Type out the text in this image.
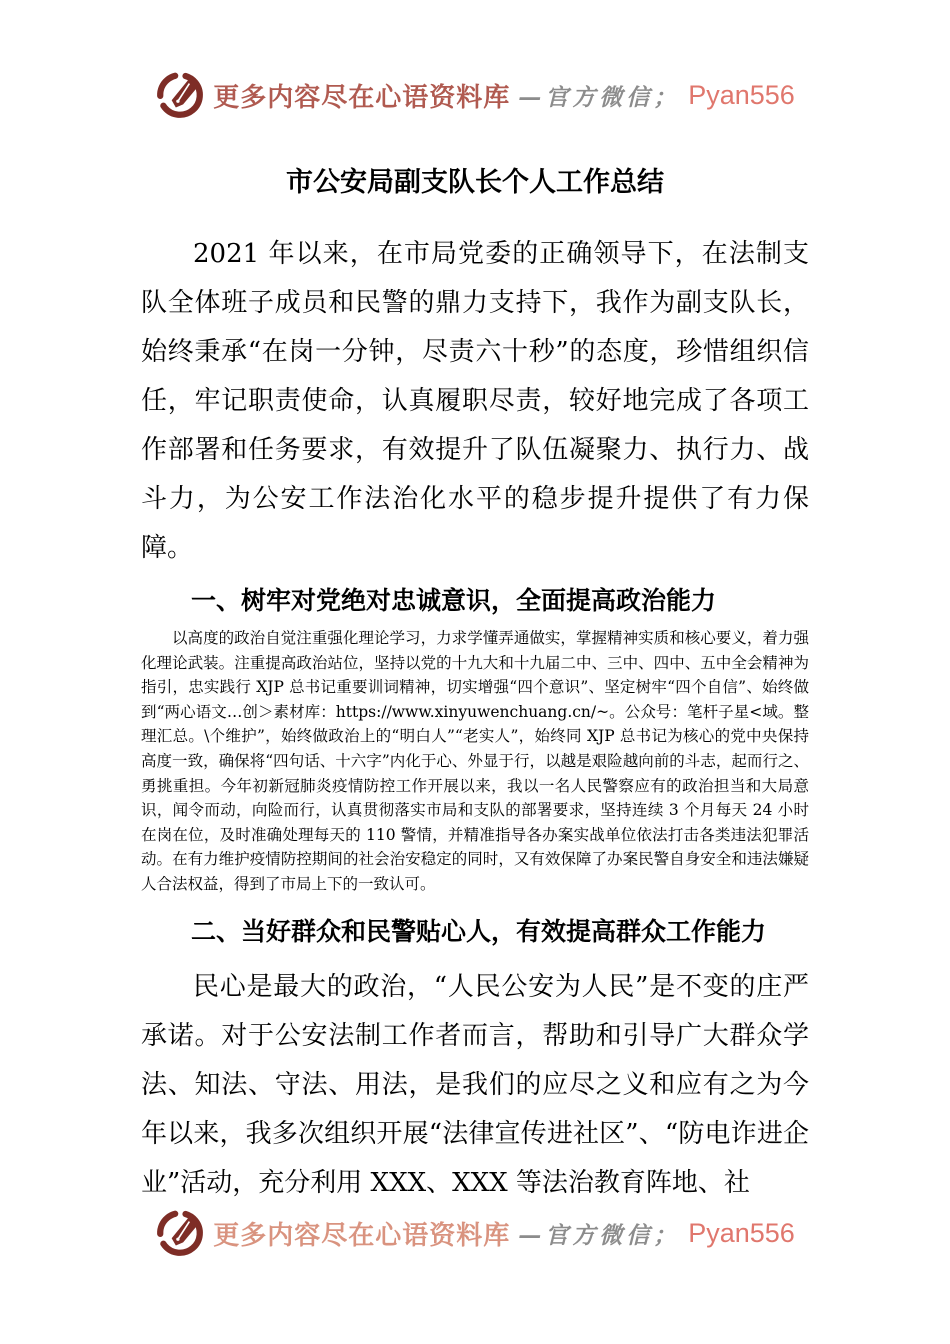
更多内容尽在心语资料库 —官方微信； Pyan556
市公安局副支队长个人工作总结

2021 年以来，在市局党委的正确领导下，在法制支队全体班子成员和民警的鼎力支持下，我作为副支队长，始终秉承“在岗一分钟，尽责六十秒”的态度，珍惜组织信任，牢记职责使命，认真履职尽责，较好地完成了各项工作部署和任务要求，有效提升了队伍凝聚力、执行力、战斗力，为公安工作法治化水平的稳步提升提供了有力保障。

一、树牢对党绝对忠诚意识，全面提高政治能力

以高度的政治自觉注重强化理论学习，力求学懂弄通做实，掌握精神实质和核心要义，着力强化理论武装。注重提高政治站位，坚持以党的十九大和十九届二中、三中、四中、五中全会精神为指引，忠实践行 XJP 总书记重要训词精神，切实增强“四个意识”、坚定树牢“四个自信”、始终做到“两心语文…创＞素材库：https://www.xinyuwenchuang.cn/~。公众号：笔杆子星<域。整理汇总。\个维护”，始终做政治上的“明白人”“老实人”，始终同 XJP 总书记为核心的党中央保持高度一致，确保将“四句话、十六字”内化于心、外显于行，以越是艰险越向前的斗志，起而行之、勇挑重担。今年初新冠肺炎疫情防控工作开展以来，我以一名人民警察应有的政治担当和大局意识，闻令而动，向险而行，认真贯彻落实市局和支队的部署要求，坚持连续 3 个月每天 24 小时在岗在位，及时准确处理每天的 110 警情，并精准指导各办案实战单位依法打击各类违法犯罪活动。在有力维护疫情防控期间的社会治安稳定的同时，又有效保障了办案民警自身安全和违法嫌疑人合法权益，得到了市局上下的一致认可。

二、当好群众和民警贴心人，有效提高群众工作能力

民心是最大的政治，“人民公安为人民”是不变的庄严承诺。对于公安法制工作者而言，帮助和引导广大群众学法、知法、守法、用法，是我们的应尽之义和应有之为今年以来，我多次组织开展“法律宣传进社区”、“防电诈进企业”活动，充分利用 XXX、XXX 等法治教育阵地、社

更多内容尽在心语资料库 —官方微信； Pyan556
